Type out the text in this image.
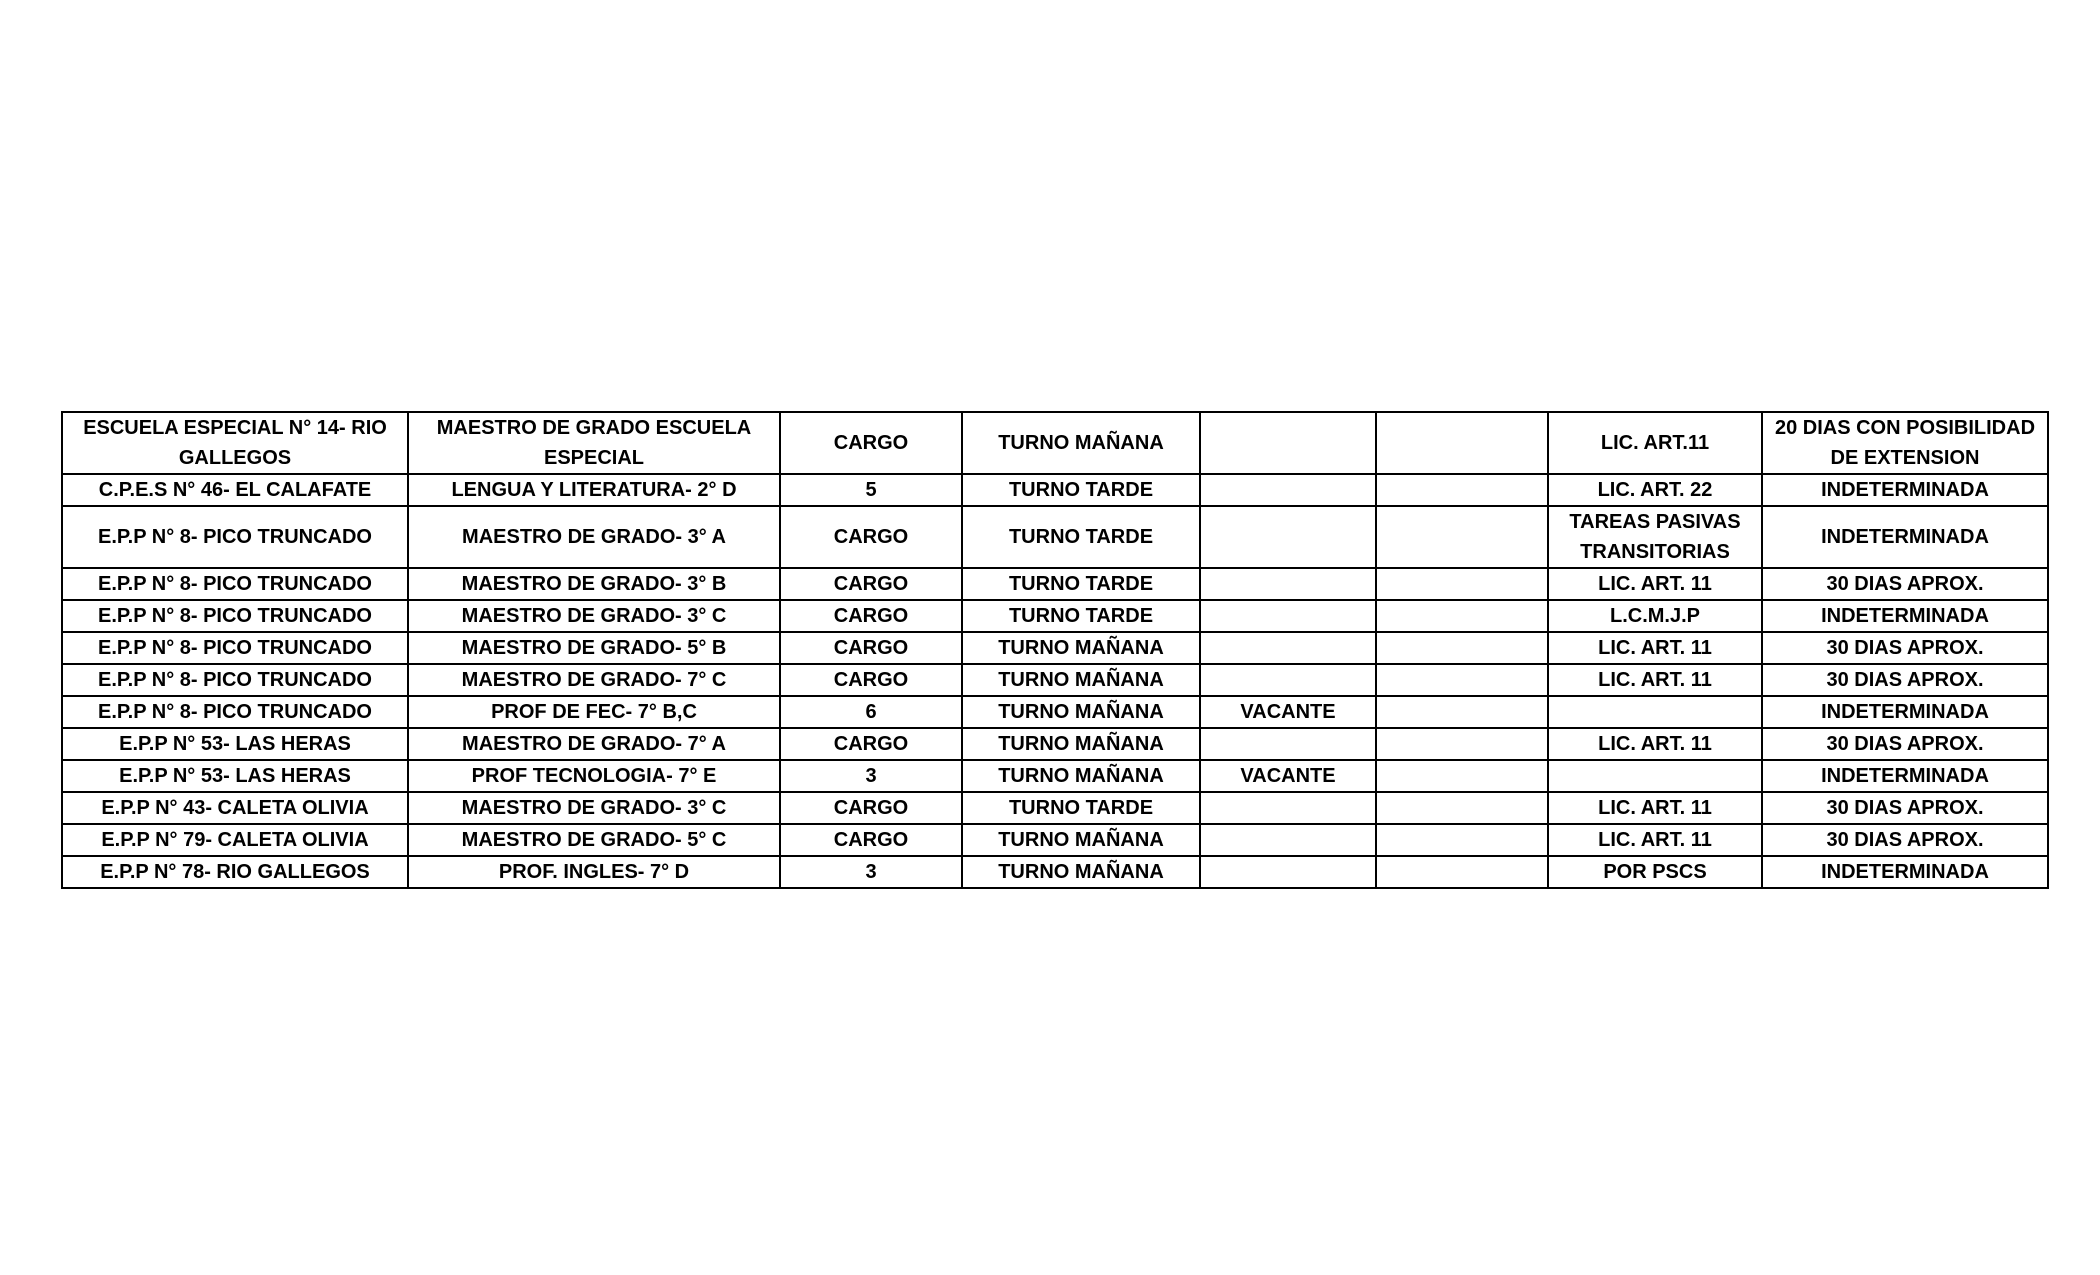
ESCUELA ESPECIAL N° 14- RIO GALLEGOS	MAESTRO DE GRADO ESCUELA ESPECIAL	CARGO	TURNO MAÑANA			LIC. ART.11	20 DIAS CON POSIBILIDAD DE EXTENSION
C.P.E.S N° 46- EL CALAFATE	LENGUA Y LITERATURA- 2° D	5	TURNO TARDE			LIC. ART. 22	INDETERMINADA
E.P.P N° 8- PICO TRUNCADO	MAESTRO DE GRADO- 3° A	CARGO	TURNO TARDE			TAREAS PASIVAS TRANSITORIAS	INDETERMINADA
E.P.P N° 8- PICO TRUNCADO	MAESTRO DE GRADO- 3° B	CARGO	TURNO TARDE			LIC. ART. 11	30 DIAS APROX.
E.P.P N° 8- PICO TRUNCADO	MAESTRO DE GRADO- 3° C	CARGO	TURNO TARDE			L.C.M.J.P	INDETERMINADA
E.P.P N° 8- PICO TRUNCADO	MAESTRO DE GRADO- 5° B	CARGO	TURNO MAÑANA			LIC. ART. 11	30 DIAS APROX.
E.P.P N° 8- PICO TRUNCADO	MAESTRO DE GRADO- 7° C	CARGO	TURNO MAÑANA			LIC. ART. 11	30 DIAS APROX.
E.P.P N° 8- PICO TRUNCADO	PROF DE FEC- 7° B,C	6	TURNO MAÑANA	VACANTE			INDETERMINADA
E.P.P N° 53- LAS HERAS	MAESTRO DE GRADO- 7° A	CARGO	TURNO MAÑANA			LIC. ART. 11	30 DIAS APROX.
E.P.P N° 53- LAS HERAS	PROF TECNOLOGIA- 7° E	3	TURNO MAÑANA	VACANTE			INDETERMINADA
E.P.P N° 43- CALETA OLIVIA	MAESTRO DE GRADO- 3° C	CARGO	TURNO TARDE			LIC. ART. 11	30 DIAS APROX.
E.P.P N° 79- CALETA OLIVIA	MAESTRO DE GRADO- 5° C	CARGO	TURNO MAÑANA			LIC. ART. 11	30 DIAS APROX.
E.P.P N° 78- RIO GALLEGOS	PROF. INGLES- 7° D	3	TURNO MAÑANA			POR PSCS	INDETERMINADA
